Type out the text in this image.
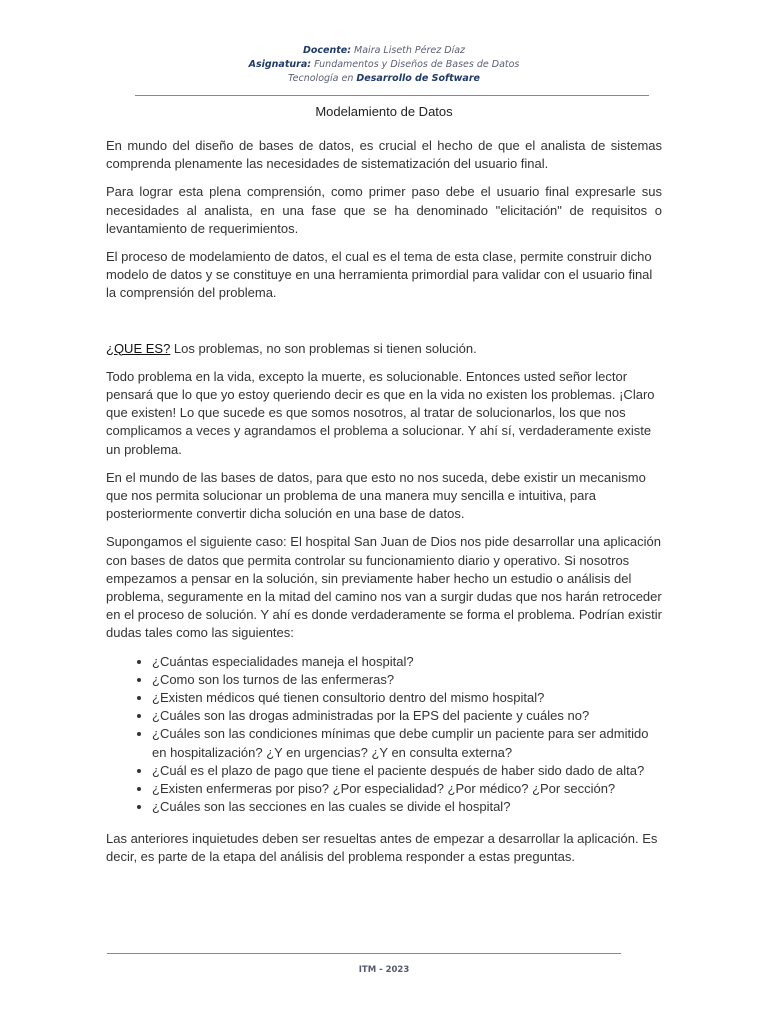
Docente: Maira Liseth Pérez Díaz
Asignatura: Fundamentos y Diseños de Bases de Datos
Tecnología en Desarrollo de Software
Modelamiento de Datos

En mundo del diseño de bases de datos, es crucial el hecho de que el analista de sistemas comprenda plenamente las necesidades de sistematización del usuario final.

Para lograr esta plena comprensión, como primer paso debe el usuario final expresarle sus necesidades al analista, en una fase que se ha denominado "elicitación" de requisitos o levantamiento de requerimientos.

El proceso de modelamiento de datos, el cual es el tema de esta clase, permite construir dicho modelo de datos y se constituye en una herramienta primordial para validar con el usuario final la comprensión del problema.

¿QUE ES? Los problemas, no son problemas si tienen solución.

Todo problema en la vida, excepto la muerte, es solucionable. Entonces usted señor lector pensará que lo que yo estoy queriendo decir es que en la vida no existen los problemas. ¡Claro que existen! Lo que sucede es que somos nosotros, al tratar de solucionarlos, los que nos complicamos a veces y agrandamos el problema a solucionar. Y ahí sí, verdaderamente existe un problema.

En el mundo de las bases de datos, para que esto no nos suceda, debe existir un mecanismo que nos permita solucionar un problema de una manera muy sencilla e intuitiva, para posteriormente convertir dicha solución en una base de datos.

Supongamos el siguiente caso: El hospital San Juan de Dios nos pide desarrollar una aplicación con bases de datos que permita controlar su funcionamiento diario y operativo. Si nosotros empezamos a pensar en la solución, sin previamente haber hecho un estudio o análisis del problema, seguramente en la mitad del camino nos van a surgir dudas que nos harán retroceder en el proceso de solución. Y ahí es donde verdaderamente se forma el problema. Podrían existir dudas tales como las siguientes:

• ¿Cuántas especialidades maneja el hospital?
• ¿Como son los turnos de las enfermeras?
• ¿Existen médicos qué tienen consultorio dentro del mismo hospital?
• ¿Cuáles son las drogas administradas por la EPS del paciente y cuáles no?
• ¿Cuáles son las condiciones mínimas que debe cumplir un paciente para ser admitido en hospitalización? ¿Y en urgencias? ¿Y en consulta externa?
• ¿Cuál es el plazo de pago que tiene el paciente después de haber sido dado de alta?
• ¿Existen enfermeras por piso? ¿Por especialidad? ¿Por médico? ¿Por sección?
• ¿Cuáles son las secciones en las cuales se divide el hospital?

Las anteriores inquietudes deben ser resueltas antes de empezar a desarrollar la aplicación. Es decir, es parte de la etapa del análisis del problema responder a estas preguntas.

ITM - 2023
